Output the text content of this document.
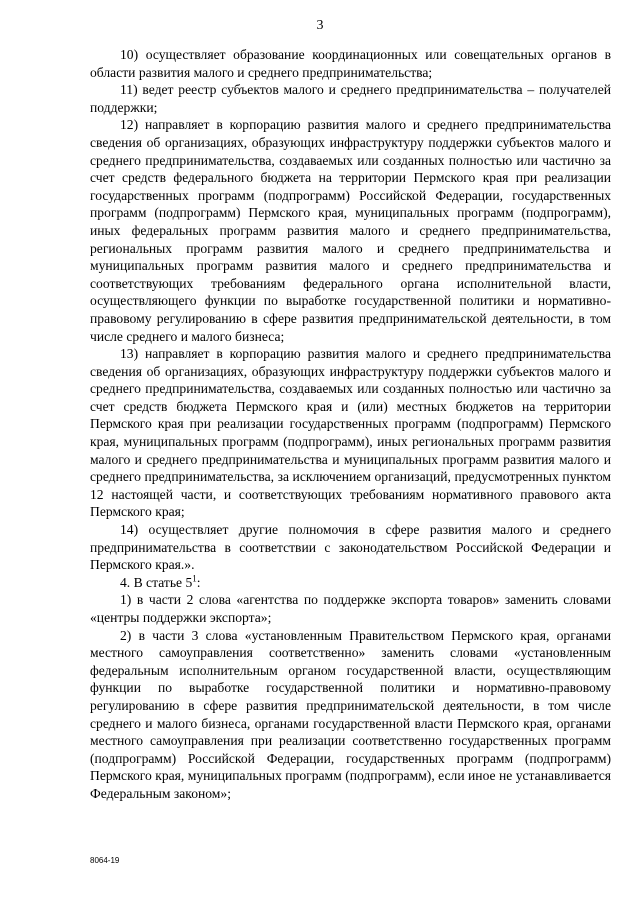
3

10) осуществляет образование координационных или совещательных органов в области развития малого и среднего предпринимательства;

11) ведет реестр субъектов малого и среднего предпринимательства – получателей поддержки;

12) направляет в корпорацию развития малого и среднего предпринимательства сведения об организациях, образующих инфраструктуру поддержки субъектов малого и среднего предпринимательства, создаваемых или созданных полностью или частично за счет средств федерального бюджета на территории Пермского края при реализации государственных программ (подпрограмм) Российской Федерации, государственных программ (подпрограмм) Пермского края, муниципальных программ (подпрограмм), иных федеральных программ развития малого и среднего предпринимательства, региональных программ развития малого и среднего предпринимательства и муниципальных программ развития малого и среднего предпринимательства и соответствующих требованиям федерального органа исполнительной власти, осуществляющего функции по выработке государственной политики и нормативно-правовому регулированию в сфере развития предпринимательской деятельности, в том числе среднего и малого бизнеса;

13) направляет в корпорацию развития малого и среднего предпринимательства сведения об организациях, образующих инфраструктуру поддержки субъектов малого и среднего предпринимательства, создаваемых или созданных полностью или частично за счет средств бюджета Пермского края и (или) местных бюджетов на территории Пермского края при реализации государственных программ (подпрограмм) Пермского края, муниципальных программ (подпрограмм), иных региональных программ развития малого и среднего предпринимательства и муниципальных программ развития малого и среднего предпринимательства, за исключением организаций, предусмотренных пунктом 12 настоящей части, и соответствующих требованиям нормативного правового акта Пермского края;

14) осуществляет другие полномочия в сфере развития малого и среднего предпринимательства в соответствии с законодательством Российской Федерации и Пермского края.».

4. В статье $5^1$:

1) в части 2 слова «агентства по поддержке экспорта товаров» заменить словами «центры поддержки экспорта»;

2) в части 3 слова «установленным Правительством Пермского края, органами местного самоуправления соответственно» заменить словами «установленным федеральным исполнительным органом государственной власти, осуществляющим функции по выработке государственной политики и нормативно-правовому регулированию в сфере развития предпринимательской деятельности, в том числе среднего и малого бизнеса, органами государственной власти Пермского края, органами местного самоуправления при реализации соответственно государственных программ (подпрограмм) Российской Федерации, государственных программ (подпрограмм) Пермского края, муниципальных программ (подпрограмм), если иное не устанавливается Федеральным законом»;

8064-19
